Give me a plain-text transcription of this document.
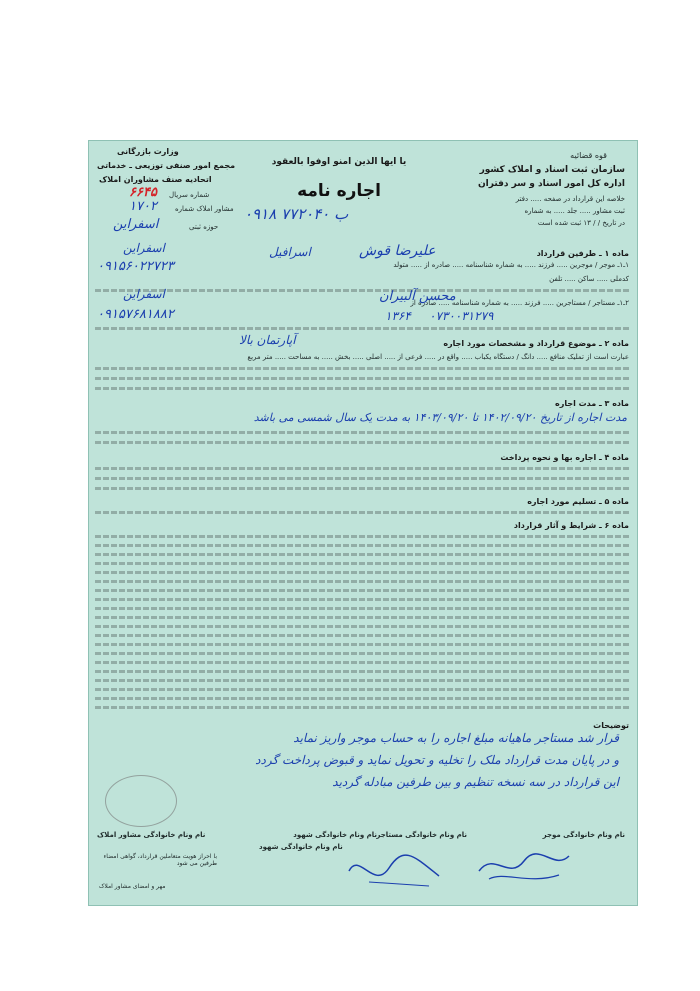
قوه قضائیه
سازمان ثبت اسناد و املاک کشور
اداره کل امور اسناد و سر دفتران
خلاصه این قرارداد در صفحه ..... دفتر
ثبت مشاور ..... جلد ..... به شماره
در تاریخ / / ۱۳ ثبت شده است
یا ایها الذین امنو اوفوا بالعقود
اجاره نامه
۰۹۱۸ ب ۷۷۲۰۴۰
وزارت بازرگانی
مجمع امور صنفی توزیعی ـ خدماتی
اتحادیه صنف مشاوران املاک
شماره سریال
۶۶۴۵
مشاور املاک شماره
۱۷۰۲
حوزه ثبتی
اسفراین
ماده ۱ ـ طرفین قرارداد
۱ـ۱ـ موجر / موجرین ..... فرزند ..... به شماره شناسنامه ..... صادره از ..... متولد
علیرضا قوش
اسرافیل
اسفراین
۰۹۱۵۶۰۲۲۷۲۳
کدملی ..... ساکن ..... تلفن
۲ـ۱ـ مستاجر / مستاجرین ..... فرزند ..... به شماره شناسنامه ..... صادره از
محسن آلبیران
اسفراین
۰۷۳۰۰۳۱۲۷۹
۱۳۶۴
۰۹۱۵۷۶۸۱۸۸۲
ماده ۲ ـ موضوع قرارداد و مشخصات مورد اجاره
عبارت است از تملیک منافع ..... دانگ / دستگاه یکباب ..... واقع در ..... فرعی از ..... اصلی ..... بخش ..... به مساحت ..... متر مربع
آپارتمان بالا
ماده ۳ ـ مدت اجاره
مدت اجاره از تاریخ ۱۴۰۲/۰۹/۲۰ تا ۱۴۰۳/۰۹/۲۰ به مدت یک سال شمسی می باشد
ماده ۴ ـ اجاره بها و نحوه پرداخت
ماده ۵ ـ تسلیم مورد اجاره
ماده ۶ ـ شرایط و آثار قرارداد
توضیحات
قرار شد مستاجر ماهیانه مبلغ اجاره را به حساب موجر واریز نماید
و در پایان مدت قرارداد ملک را تخلیه و تحویل نماید و قبوض پرداخت گردد
این قرارداد در سه نسخه تنظیم و بین طرفین مبادله گردید
نام ونام خانوادگی موجر
نام ونام خانوادگی مستاجر
نام ونام خانوادگی شهود
نام ونام خانوادگی مشاور املاک
با احراز هویت متعاملین قرارداد، گواهی امضاء طرفین می شود
مهر و امضای مشاور املاک
نام ونام خانوادگی شهود
